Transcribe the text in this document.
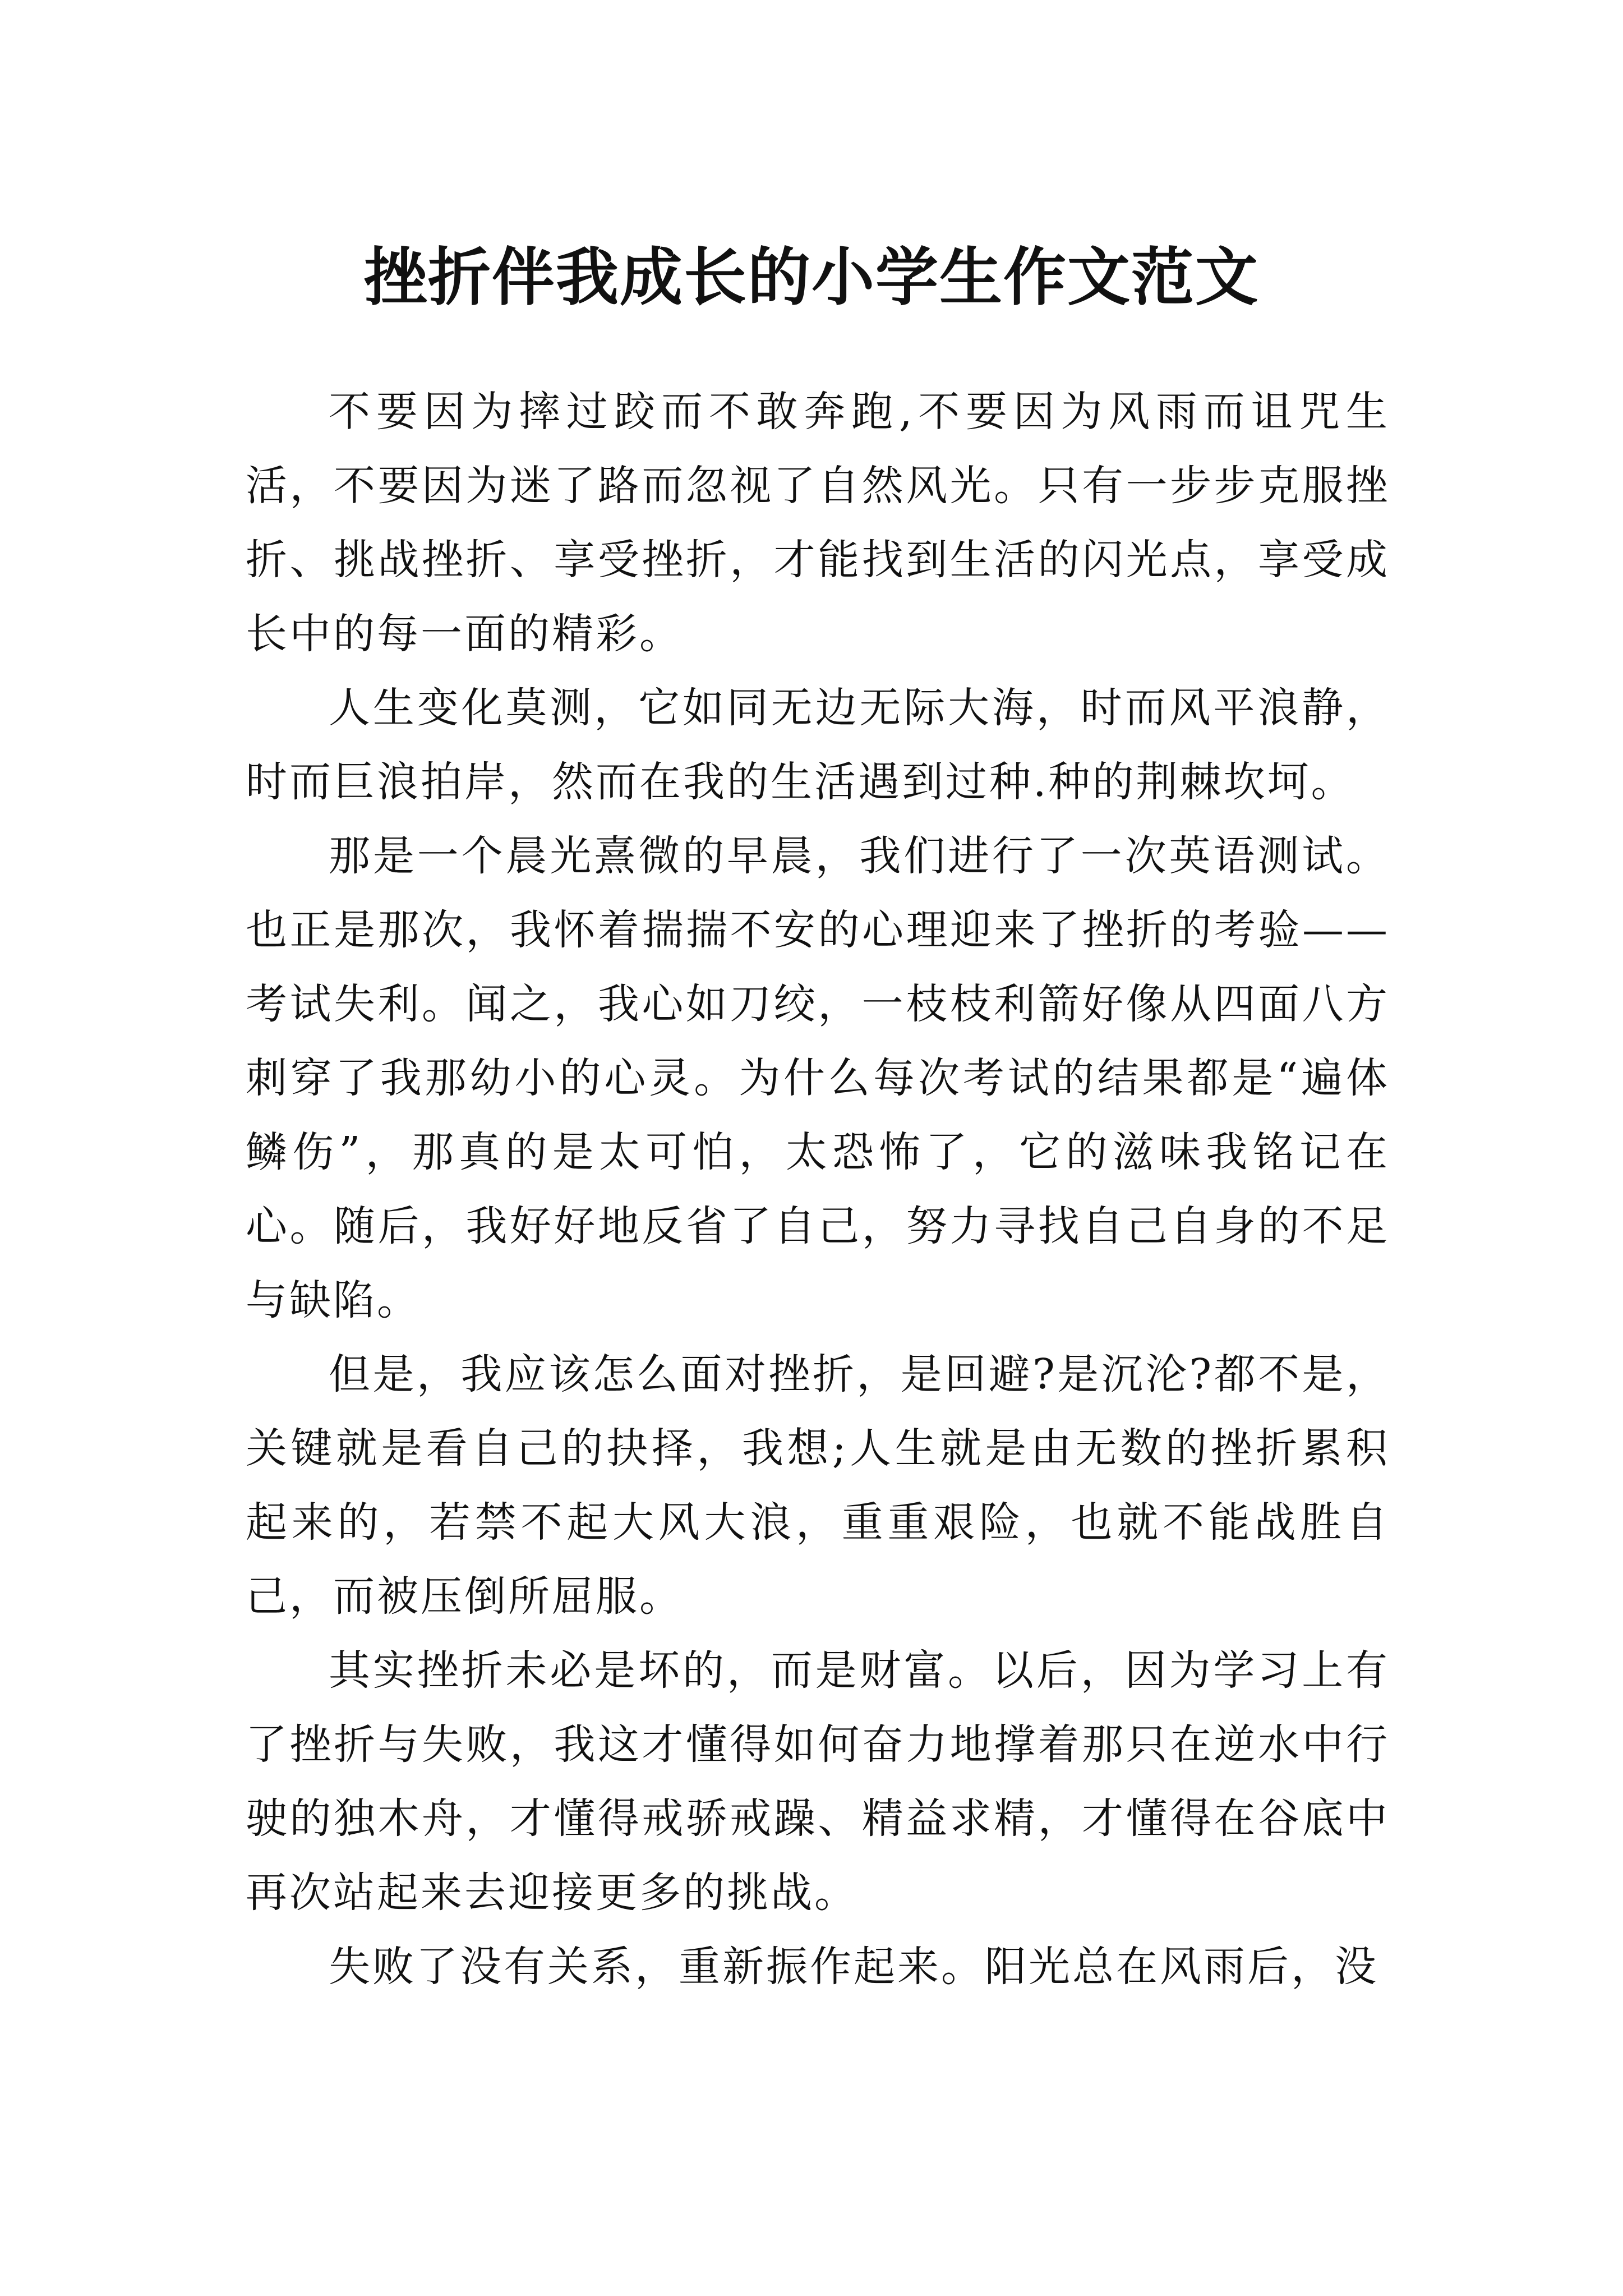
挫折伴我成长的小学生作文范文

不要因为摔过跤而不敢奔跑,不要因为风雨而诅咒生活，不要因为迷了路而忽视了自然风光。只有一步步克服挫折、挑战挫折、享受挫折，才能找到生活的闪光点，享受成长中的每一面的精彩。

人生变化莫测，它如同无边无际大海，时而风平浪静，时而巨浪拍岸，然而在我的生活遇到过种.种的荆棘坎坷。

那是一个晨光熹微的早晨，我们进行了一次英语测试。也正是那次，我怀着揣揣不安的心理迎来了挫折的考验——考试失利。闻之，我心如刀绞，一枝枝利箭好像从四面八方刺穿了我那幼小的心灵。为什么每次考试的结果都是“遍体鳞伤”，那真的是太可怕，太恐怖了，它的滋味我铭记在心。随后，我好好地反省了自己，努力寻找自己自身的不足与缺陷。

但是，我应该怎么面对挫折，是回避?是沉沦?都不是，关键就是看自己的抉择，我想;人生就是由无数的挫折累积起来的，若禁不起大风大浪，重重艰险，也就不能战胜自己，而被压倒所屈服。

其实挫折未必是坏的，而是财富。以后，因为学习上有了挫折与失败，我这才懂得如何奋力地撑着那只在逆水中行驶的独木舟，才懂得戒骄戒躁、精益求精，才懂得在谷底中再次站起来去迎接更多的挑战。

失败了没有关系，重新振作起来。阳光总在风雨后，没
